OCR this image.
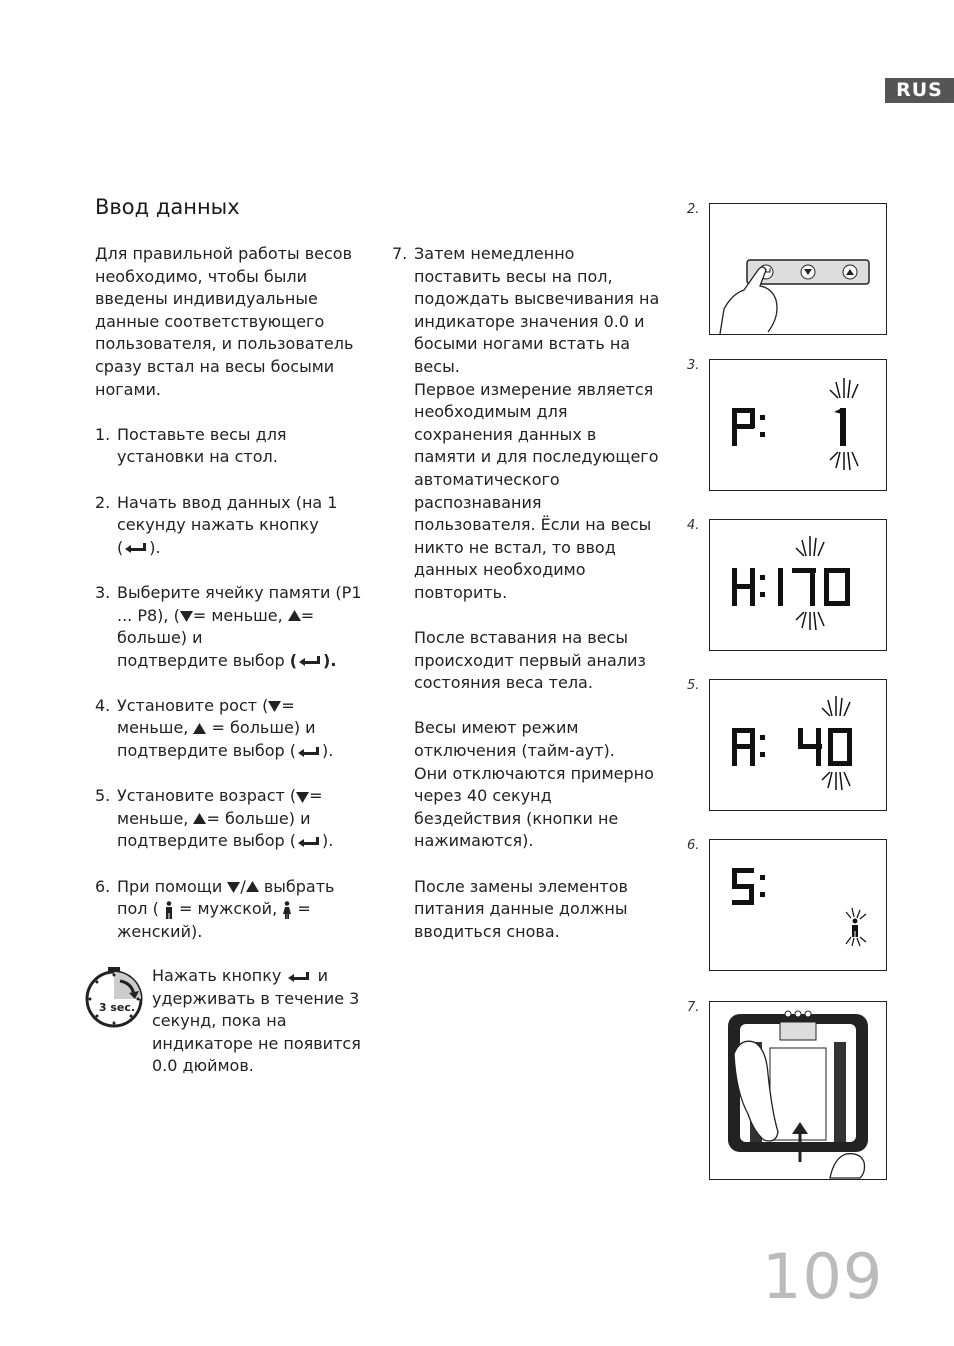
RUS
Ввод данных

Для правильной работы весов
необходимо, чтобы были
введены индивидуальные
данные соответствующего
пользователя, и пользователь
сразу встал на весы босыми
ногами.

1. Поставьте весы для
установки на стол.
2. Начать ввод данных (на 1
секунду нажать кнопку
( ).
3. Выберите ячейку памяти (P1
... P8), ( = меньше, =
больше) и
подтвердите выбор ( ).
4. Установите рост ( =
меньше,  = больше) и
подтвердите выбор ( ).
5. Установите возраст ( =
меньше, = больше) и
подтвердите выбор ( ).
6. При помощи / выбрать
пол (  = мужской,  =
женский).
3 sec.
Нажать кнопку  и
удерживать в течение 3
секунд, пока на
индикаторе не появится
0.0 дюймов.
7. Затем немедленно
поставить весы на пол,
подождать высвечивания на
индикаторе значения 0.0 и
босыми ногами встать на
весы.
Первое измерение является
необходимым для
сохранения данных в
памяти и для последующего
автоматического
распознавания
пользователя. Ёсли на весы
никто не встал, то ввод
данных необходимо
повторить.
После вставания на весы
происходит первый анализ
состояния веса тела.
Весы имеют режим
отключения (тайм-аут).
Они отключаются примерно
через 40 секунд
бездействия (кнопки не
нажимаются).
После замены элементов
питания данные должны
вводиться снова.
2.
3.
4.
5.
6.
7.
109
